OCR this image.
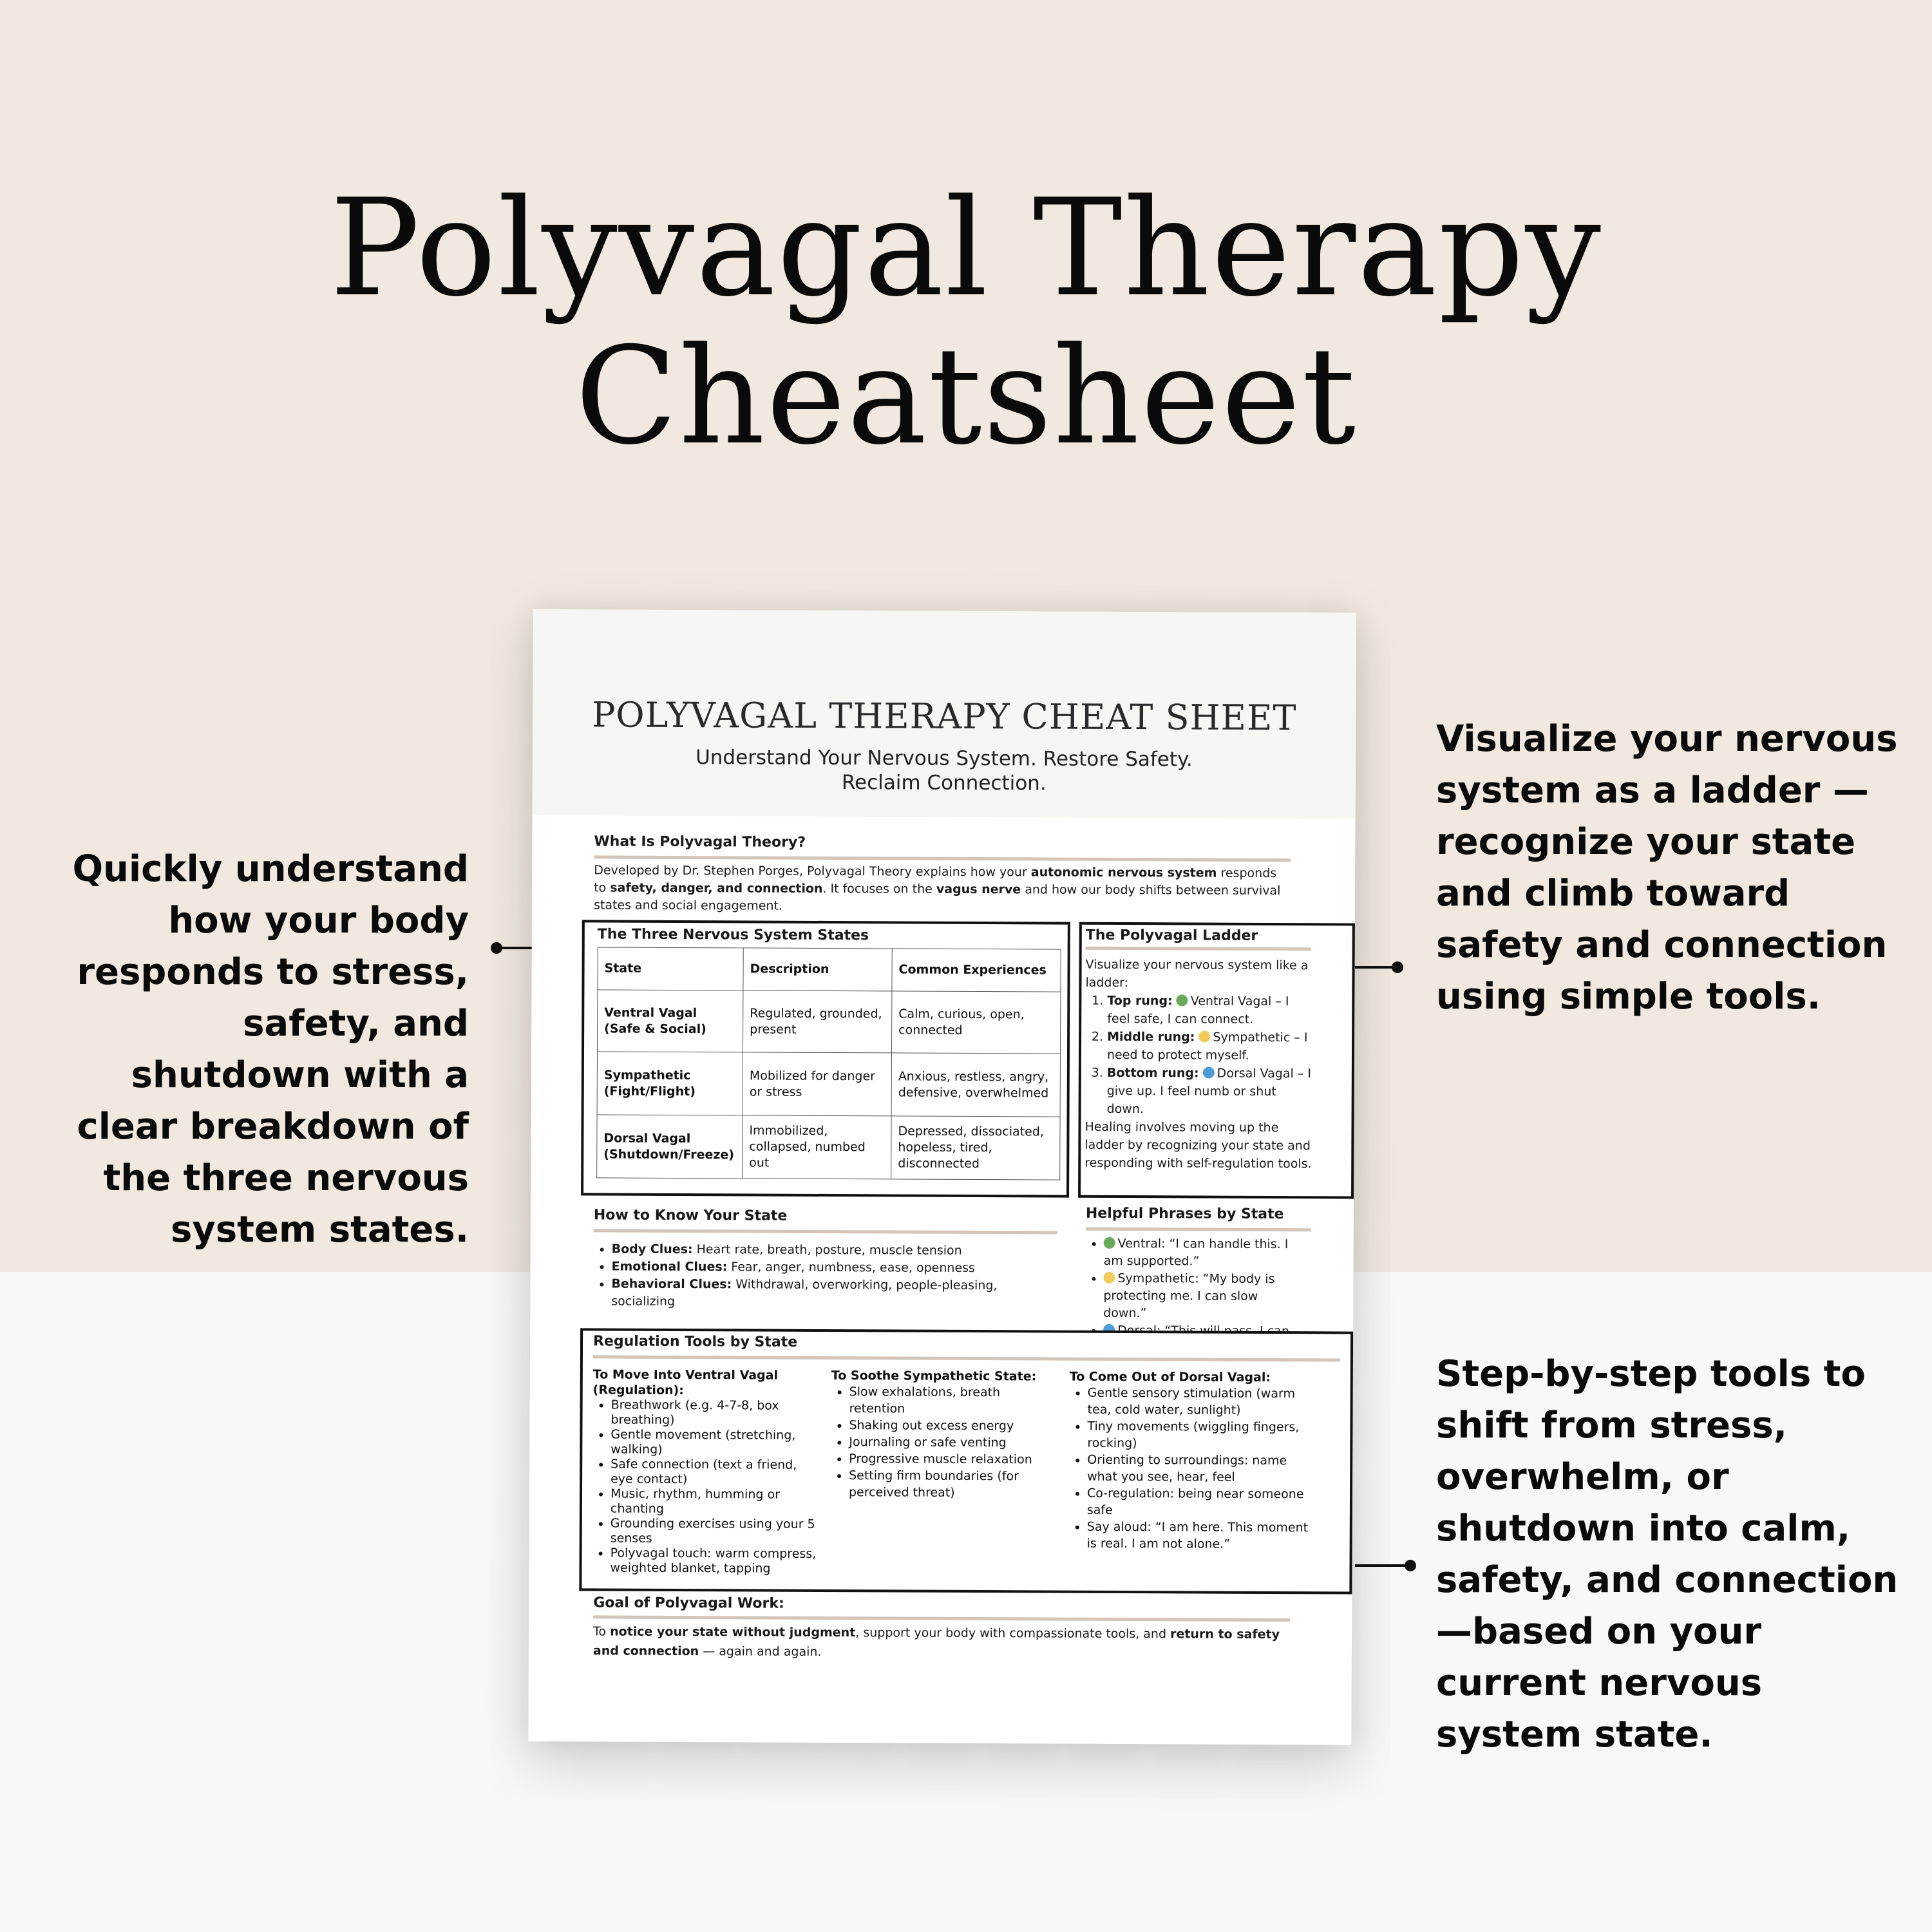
Polyvagal Therapy
Cheatsheet
Quickly understand how your body responds to stress, safety, and shutdown with a clear breakdown of the three nervous system states.
Visualize your nervous system as a ladder — recognize your state and climb toward safety and connection using simple tools.
Step-by-step tools to shift from stress, overwhelm, or shutdown into calm, safety, and connection—based on your current nervous system state.
POLYVAGAL THERAPY CHEAT SHEET
Understand Your Nervous System. Restore Safety.
Reclaim Connection.
What Is Polyvagal Theory?
Developed by Dr. Stephen Porges, Polyvagal Theory explains how your autonomic nervous system responds to safety, danger, and connection. It focuses on the vagus nerve and how our body shifts between survival states and social engagement.
The Three Nervous System States
State	Description	Common Experiences
Ventral Vagal (Safe & Social)	Regulated, grounded, present	Calm, curious, open, connected
Sympathetic (Fight/Flight)	Mobilized for danger or stress	Anxious, restless, angry, defensive, overwhelmed
Dorsal Vagal (Shutdown/Freeze)	Immobilized, collapsed, numbed out	Depressed, dissociated, hopeless, tired, disconnected
The Polyvagal Ladder
Visualize your nervous system like a ladder:
1. Top rung: Ventral Vagal – I feel safe, I can connect.
2. Middle rung: Sympathetic – I need to protect myself.
3. Bottom rung: Dorsal Vagal – I give up. I feel numb or shut down.
Healing involves moving up the ladder by recognizing your state and responding with self-regulation tools.
How to Know Your State
• Body Clues: Heart rate, breath, posture, muscle tension
• Emotional Clues: Fear, anger, numbness, ease, openness
• Behavioral Clues: Withdrawal, overworking, people-pleasing, socializing
Helpful Phrases by State
• Ventral: “I can handle this. I am supported.”
• Sympathetic: “My body is protecting me. I can slow down.”
•
Regulation Tools by State
To Move Into Ventral Vagal (Regulation):
• Breathwork (e.g. 4-7-8, box breathing)
• Gentle movement (stretching, walking)
• Safe connection (text a friend, eye contact)
• Music, rhythm, humming or chanting
• Grounding exercises using your 5 senses
• Polyvagal touch: warm compress, weighted blanket, tapping
To Soothe Sympathetic State:
• Slow exhalations, breath retention
• Shaking out excess energy
• Journaling or safe venting
• Progressive muscle relaxation
• Setting firm boundaries (for perceived threat)
To Come Out of Dorsal Vagal:
• Gentle sensory stimulation (warm tea, cold water, sunlight)
• Tiny movements (wiggling fingers, rocking)
• Orienting to surroundings: name what you see, hear, feel
• Co-regulation: being near someone safe
• Say aloud: “I am here. This moment is real. I am not alone.”
Goal of Polyvagal Work:
To notice your state without judgment, support your body with compassionate tools, and return to safety and connection — again and again.
